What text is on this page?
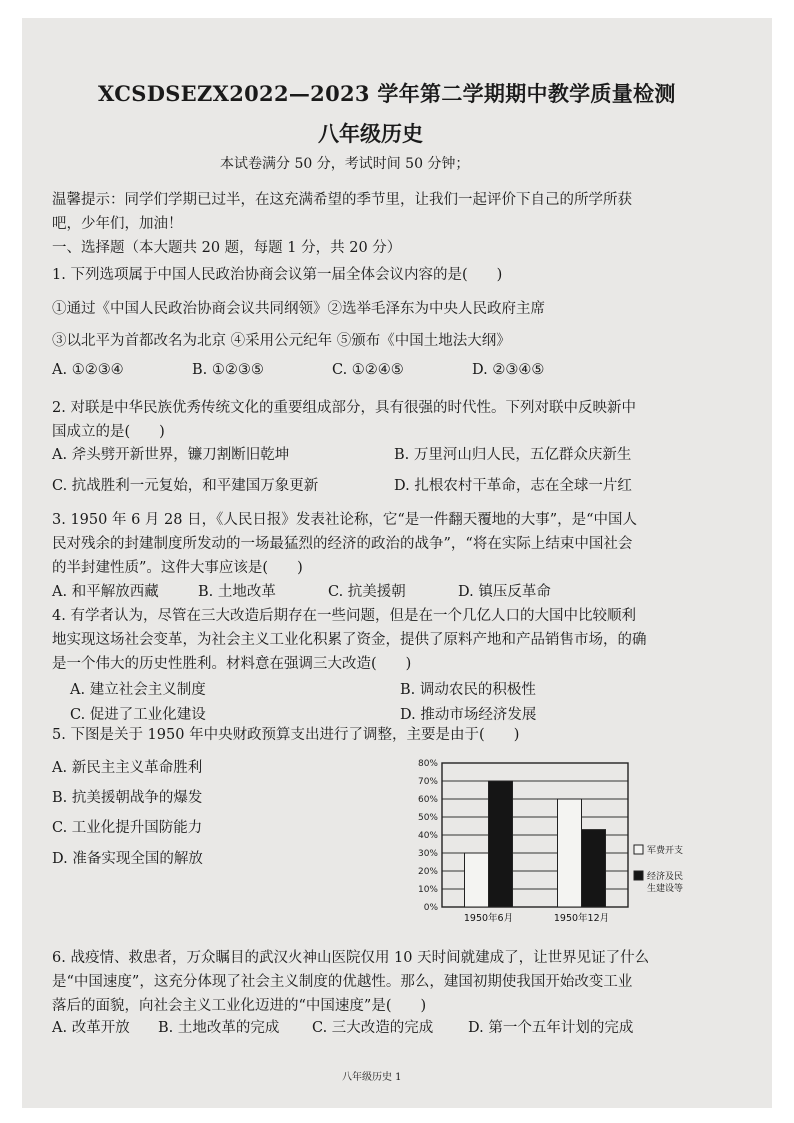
XCSDSEZX2022—2023 学年第二学期期中教学质量检测
八年级历史
本试卷满分 50 分，考试时间 50 分钟；
温馨提示：同学们学期已过半，在这充满希望的季节里，让我们一起评价下自己的所学所获
吧，少年们，加油！
一、选择题（本大题共 20 题，每题 1 分，共 20 分）
1. 下列选项属于中国人民政治协商会议第一届全体会议内容的是(　　)
①通过《中国人民政治协商会议共同纲领》②选举毛泽东为中央人民政府主席
③以北平为首都改名为北京 ④采用公元纪年 ⑤颁布《中国土地法大纲》
A. ①②③④	B. ①②③⑤	C. ①②④⑤	D. ②③④⑤
2. 对联是中华民族优秀传统文化的重要组成部分，具有很强的时代性。下列对联中反映新中
国成立的是(　　)
A. 斧头劈开新世界，镰刀割断旧乾坤	B. 万里河山归人民，五亿群众庆新生
C. 抗战胜利一元复始，和平建国万象更新	D. 扎根农村干革命，志在全球一片红
3. 1950 年 6 月 28 日，《人民日报》发表社论称，它“是一件翻天覆地的大事”，是“中国人
民对残余的封建制度所发动的一场最猛烈的经济的政治的战争”，“将在实际上结束中国社会
的半封建性质”。这件大事应该是(　　)
A. 和平解放西藏	B. 土地改革	C. 抗美援朝	D. 镇压反革命
4. 有学者认为，尽管在三大改造后期存在一些问题，但是在一个几亿人口的大国中比较顺利
地实现这场社会变革，为社会主义工业化积累了资金，提供了原料产地和产品销售市场，的确
是一个伟大的历史性胜利。材料意在强调三大改造(　　)
A. 建立社会主义制度	B. 调动农民的积极性
C. 促进了工业化建设	D. 推动市场经济发展
5. 下图是关于 1950 年中央财政预算支出进行了调整，主要是由于(　　)
A. 新民主主义革命胜利
B. 抗美援朝战争的爆发
C. 工业化提升国防能力
D. 准备实现全国的解放
0%
10%
20%
30%
40%
50%
60%
70%
80%
1950年6月	1950年12月
军费开支
经济及民
生建设等
6. 战疫情、救患者，万众瞩目的武汉火神山医院仅用 10 天时间就建成了，让世界见证了什么
是“中国速度”，这充分体现了社会主义制度的优越性。那么，建国初期使我国开始改变工业
落后的面貌，向社会主义工业化迈进的“中国速度”是(　　)
A. 改革开放 B. 土地改革的完成 C. 三大改造的完成 D. 第一个五年计划的完成
八年级历史 1
